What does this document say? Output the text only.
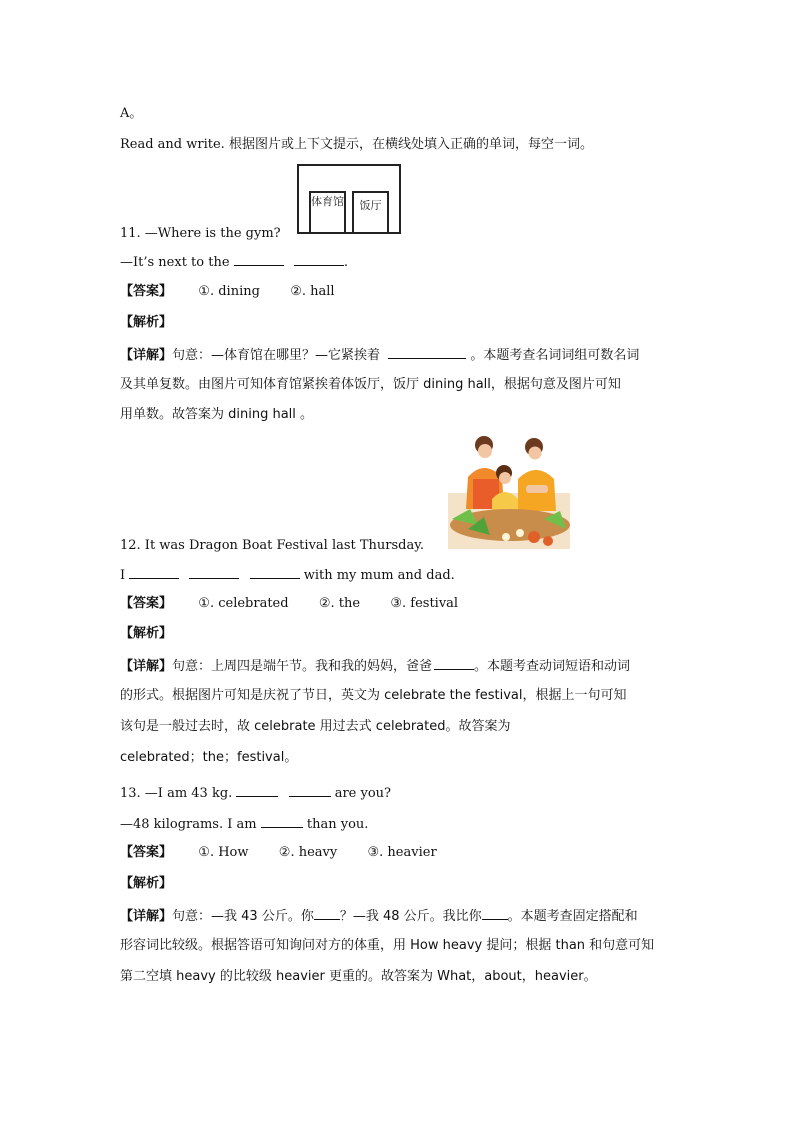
A。
Read and write. 根据图片或上下文提示，在横线处填入正确的单词，每空一词。
体育馆	饭厅
11. —Where is the gym?
—It’s next to the	.
【答案】 ①. dining ②. hall
【解析】
【详解】句意：—体育馆在哪里？—它紧挨着	。本题考查名词词组可数名词
及其单复数。由图片可知体育馆紧挨着体饭厅，饭厅 dining hall，根据句意及图片可知
用单数。故答案为 dining hall 。
12. It was Dragon Boat Festival last Thursday.
I	with my mum and dad.
【答案】 ①. celebrated ②. the ③. festival
【解析】
【详解】句意：上周四是端午节。我和我的妈妈，爸爸	。本题考查动词短语和动词
的形式。根据图片可知是庆祝了节日，英文为 celebrate the festival，根据上一句可知
该句是一般过去时，故 celebrate 用过去式 celebrated。故答案为
celebrated；the；festival。
13. —I am 43 kg.	are you?
—48 kilograms. I am	than you.
【答案】 ①. How ②. heavy ③. heavier
【解析】
【详解】句意：—我 43 公斤。你 ？—我 48 公斤。我比你 。本题考查固定搭配和
形容词比较级。根据答语可知询问对方的体重，用 How heavy 提问；根据 than 和句意可知
第二空填 heavy 的比较级 heavier 更重的。故答案为 What，about，heavier。
